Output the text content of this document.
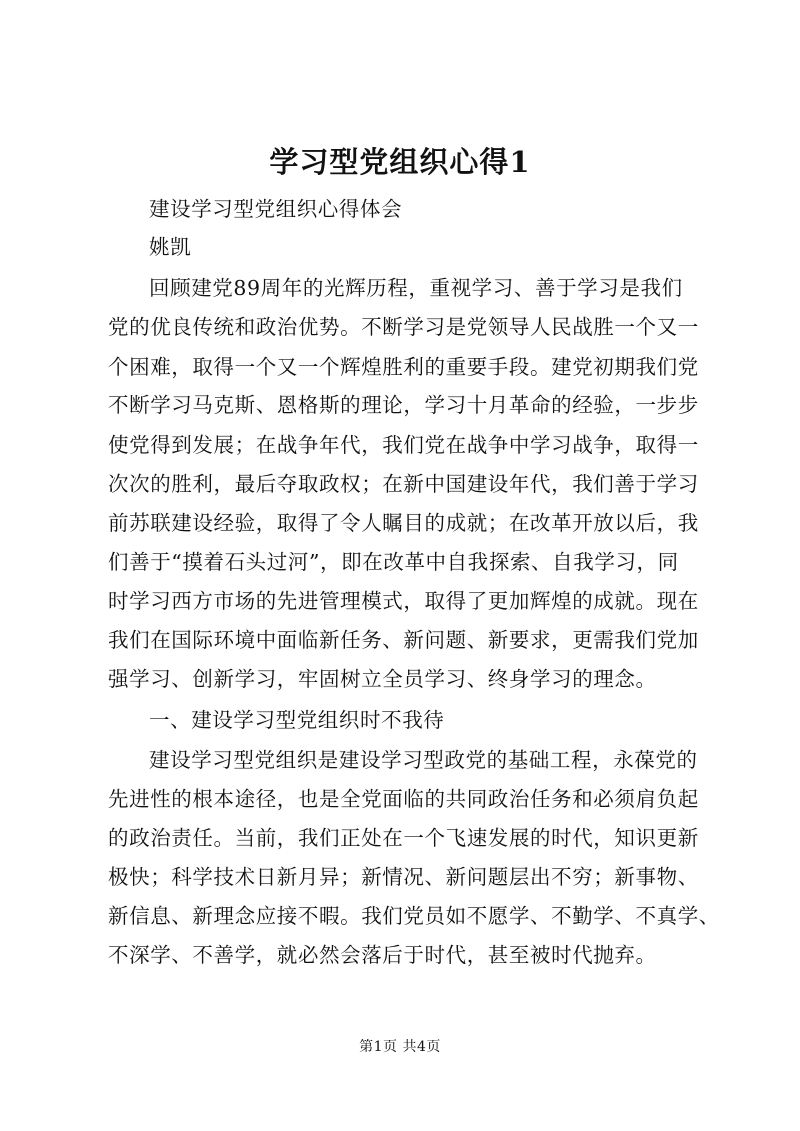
学习型党组织心得1
建设学习型党组织心得体会
姚凯
回顾建党89周年的光辉历程，重视学习、善于学习是我们
党的优良传统和政治优势。不断学习是党领导人民战胜一个又一
个困难，取得一个又一个辉煌胜利的重要手段。建党初期我们党
不断学习马克斯、恩格斯的理论，学习十月革命的经验，一步步
使党得到发展；在战争年代，我们党在战争中学习战争，取得一
次次的胜利，最后夺取政权；在新中国建设年代，我们善于学习
前苏联建设经验，取得了令人瞩目的成就；在改革开放以后，我
们善于“摸着石头过河”，即在改革中自我探索、自我学习，同
时学习西方市场的先进管理模式，取得了更加辉煌的成就。现在
我们在国际环境中面临新任务、新问题、新要求，更需我们党加
强学习、创新学习，牢固树立全员学习、终身学习的理念。
一、建设学习型党组织时不我待
建设学习型党组织是建设学习型政党的基础工程，永葆党的
先进性的根本途径，也是全党面临的共同政治任务和必须肩负起
的政治责任。当前，我们正处在一个飞速发展的时代，知识更新
极快；科学技术日新月异；新情况、新问题层出不穷；新事物、
新信息、新理念应接不暇。我们党员如不愿学、不勤学、不真学、
不深学、不善学，就必然会落后于时代，甚至被时代抛弃。
第1页 共4页
